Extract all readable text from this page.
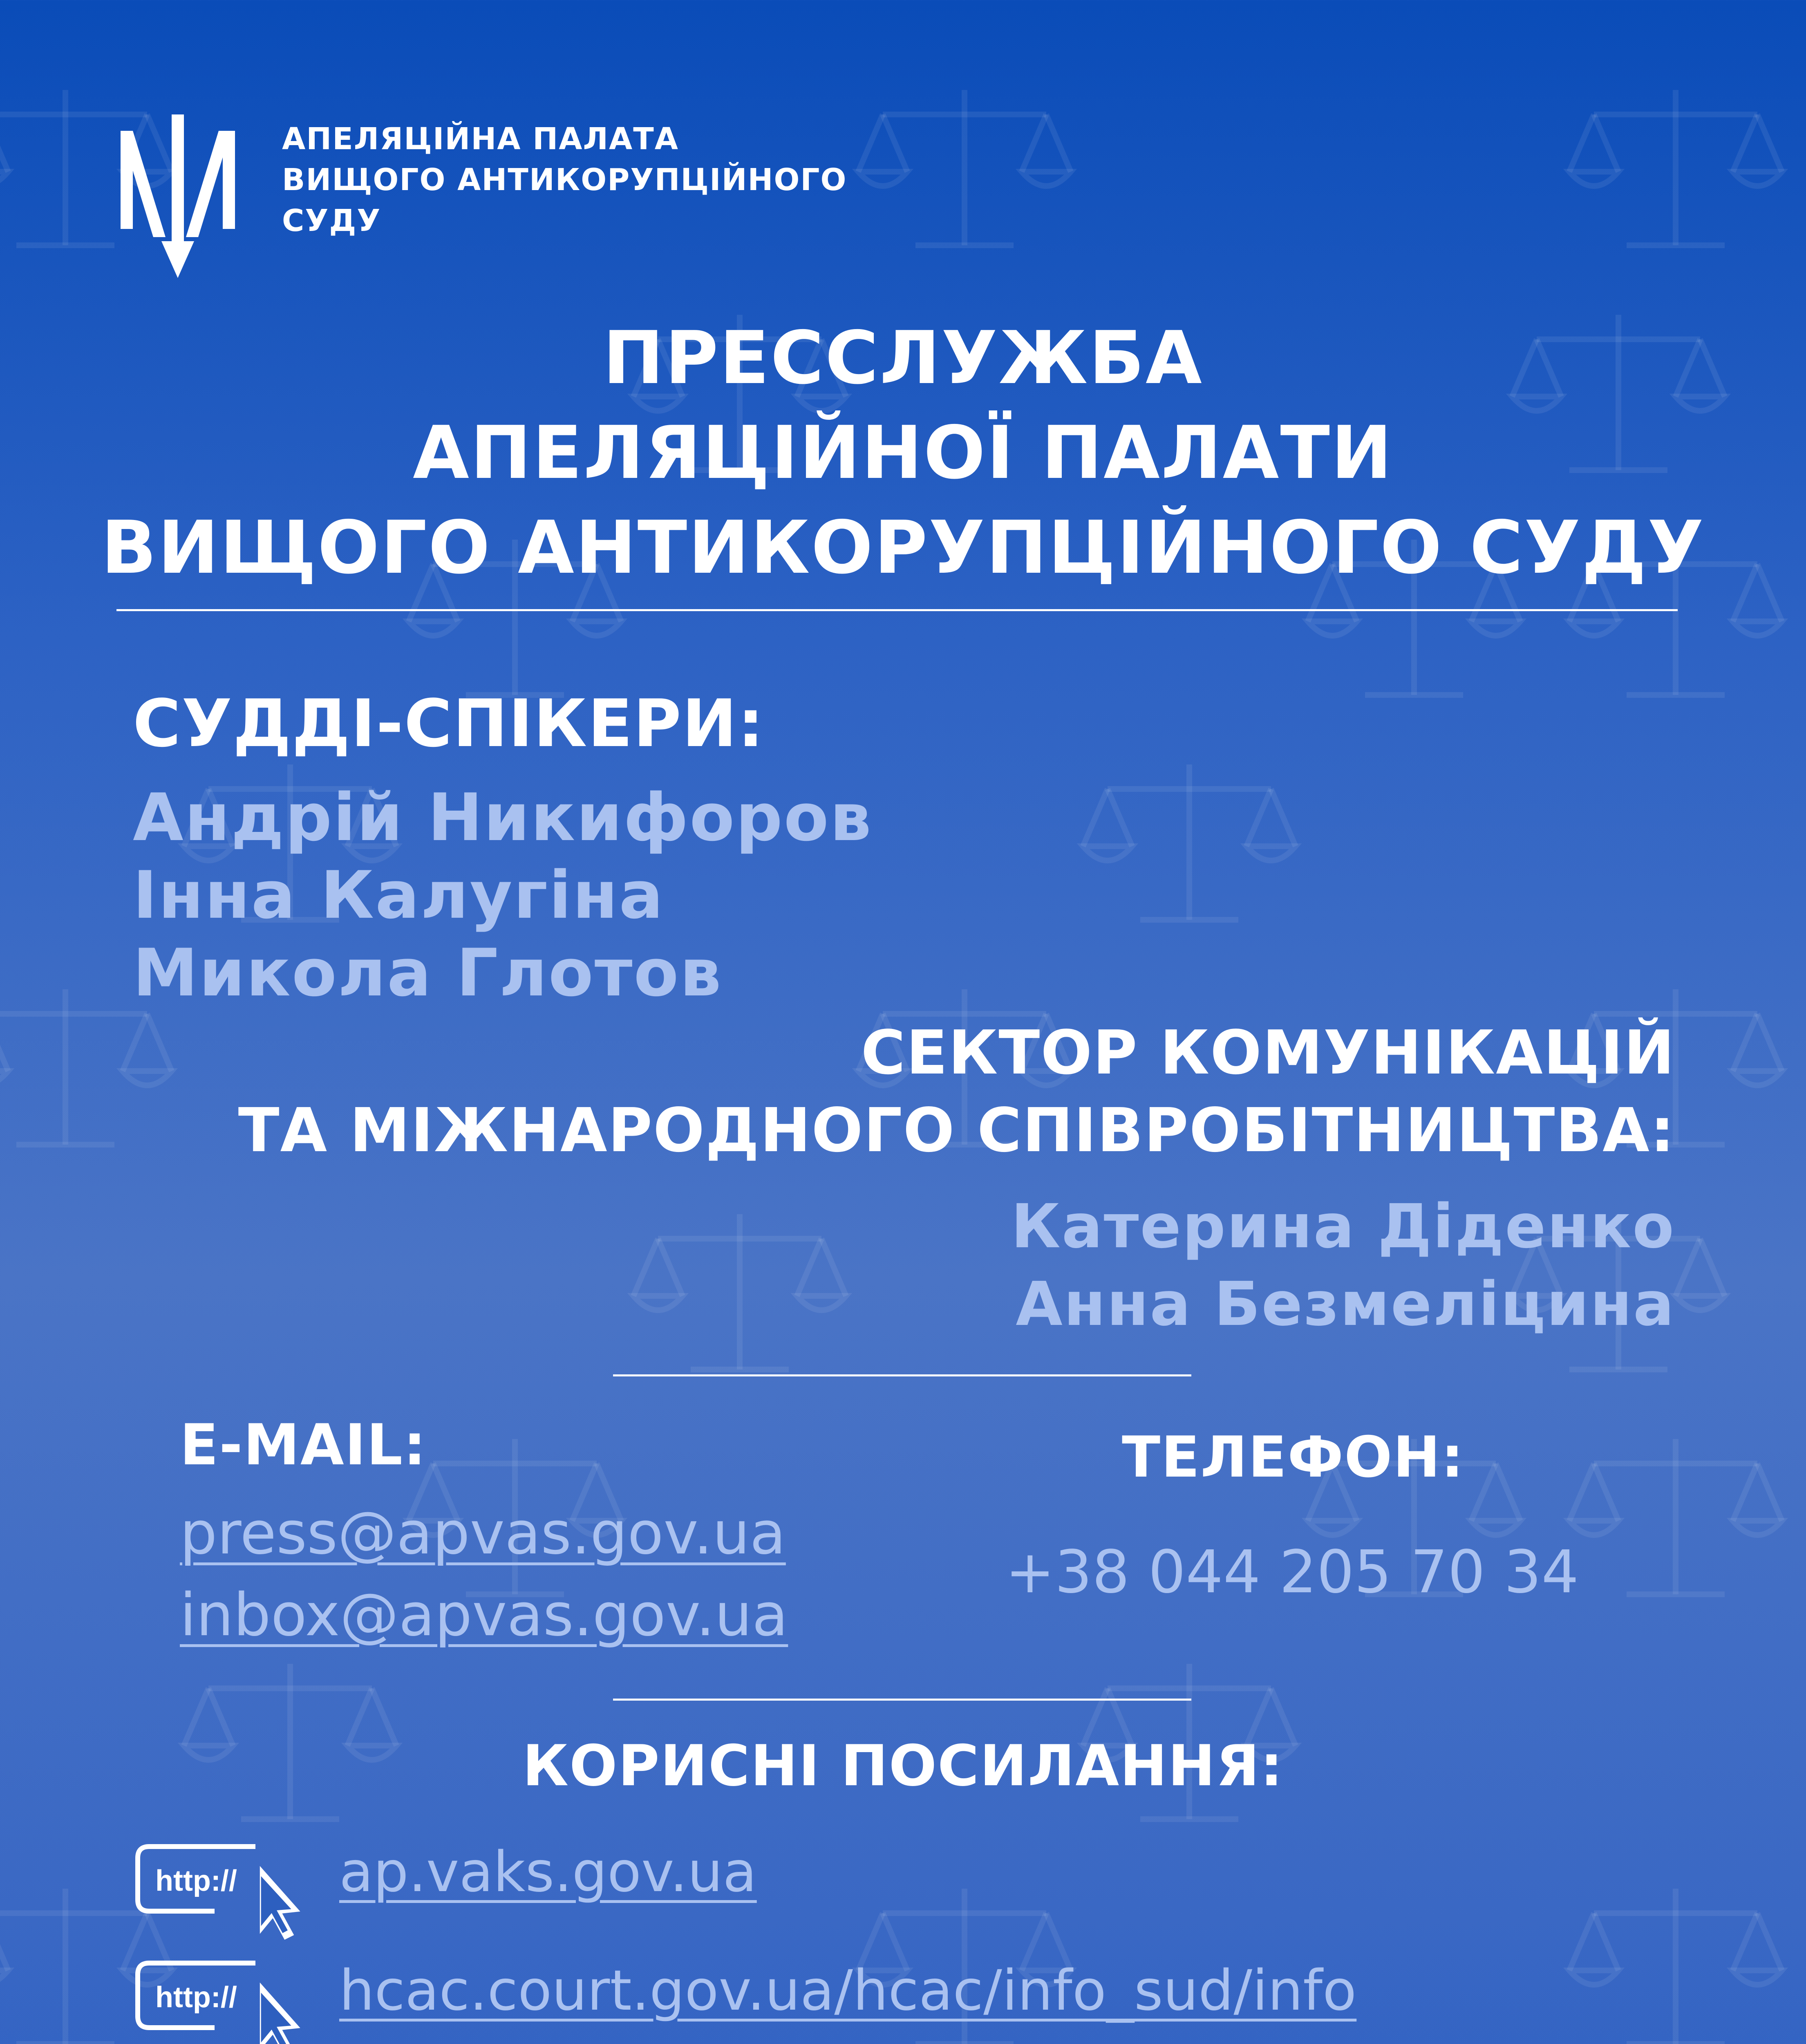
АПЕЛЯЦІЙНА ПАЛАТА
ВИЩОГО АНТИКОРУПЦІЙНОГО
СУДУ
ПРЕССЛУЖБА
АПЕЛЯЦІЙНОЇ ПАЛАТИ
ВИЩОГО АНТИКОРУПЦІЙНОГО СУДУ
СУДДІ-СПІКЕРИ:
Андрій Никифоров
Інна Калугіна
Микола Глотов
СЕКТОР КОМУНІКАЦІЙ
ТА МІЖНАРОДНОГО СПІВРОБІТНИЦТВА:
Катерина Діденко
Анна Безмеліцина
E-MAIL:
press@apvas.gov.ua
inbox@apvas.gov.ua
ТЕЛЕФОН:
+38 044 205 70 34
КОРИСНІ ПОСИЛАННЯ:
http:// ap.vaks.gov.ua
http:// hcac.court.gov.ua/hcac/info_sud/info
